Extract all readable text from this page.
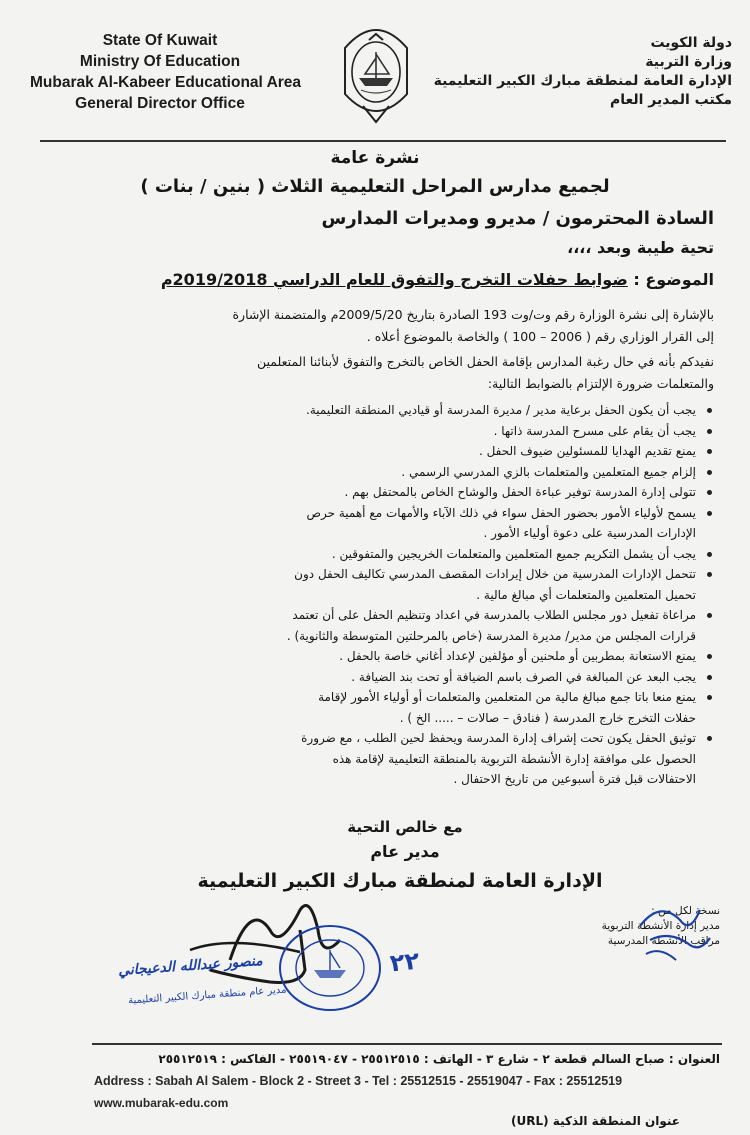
State Of Kuwait
Ministry Of Education
Mubarak Al-Kabeer Educational Area
General Director Office
دولة الكويت
وزارة التربية
الإدارة العامة لمنطقة مبارك الكبير التعليمية
مكتب المدير العام
نشرة عامة
لجميع مدارس المراحل التعليمية الثلاث ( بنين / بنات )
السادة المحترمون / مديرو ومديرات المدارس
تحية طيبة وبعد ،،،،
الموضوع : ضوابط حفلات التخرج والتفوق للعام الدراسي 2019/2018م
بالإشارة إلى نشرة الوزارة رقم وت/وت 193 الصادرة بتاريخ 2009/5/20م والمتضمنة الإشارة
إلى القرار الوزاري رقم ( 2006 – 100 ) والخاصة بالموضوع أعلاه .
نفيدكم بأنه في حال رغبة المدارس بإقامة الحفل الخاص بالتخرج والتفوق لأبنائنا المتعلمين
والمتعلمات ضرورة الإلتزام بالضوابط التالية:
يجب أن يكون الحفل برعاية مدير / مديرة المدرسة أو قياديي المنطقة التعليمية.
يجب أن يقام على مسرح المدرسة ذاتها .
يمنع تقديم الهدايا للمسئولين ضيوف الحفل .
إلزام جميع المتعلمين والمتعلمات بالزي المدرسي الرسمي .
تتولى إدارة المدرسة توفير عباءة الحفل والوشاح الخاص بالمحتفل بهم .
يسمح لأولياء الأمور بحضور الحفل سواء في ذلك الآباء والأمهات مع أهمية حرص
الإدارات المدرسية على دعوة أولياء الأمور .
يجب أن يشمل التكريم جميع المتعلمين والمتعلمات الخريجين والمتفوقين .
تتحمل الإدارات المدرسية من خلال إيرادات المقصف المدرسي تكاليف الحفل دون
تحميل المتعلمين والمتعلمات أي مبالغ مالية .
مراعاة تفعيل دور مجلس الطلاب بالمدرسة في اعداد وتنظيم الحفل على أن تعتمد
قرارات المجلس من مدير/ مديرة المدرسة (خاص بالمرحلتين المتوسطة والثانوية) .
يمنع الاستعانة بمطربين أو ملحنين أو مؤلفين لإعداد أغاني خاصة بالحفل .
يجب البعد عن المبالغة في الصرف باسم الضيافة أو تحت بند الضيافة .
يمنع منعا باتا جمع مبالغ مالية من المتعلمين والمتعلمات أو أولياء الأمور لإقامة
حفلات التخرج خارج المدرسة ( فنادق – صالات – ..... الخ ) .
توثيق الحفل يكون تحت إشراف إدارة المدرسة ويحفظ لحين الطلب ، مع ضرورة
الحصول على موافقة إدارة الأنشطة التربوية بالمنطقة التعليمية لإقامة هذه
الاحتفالات قبل فترة أسبوعين من تاريخ الاحتفال .
مع خالص التحية
مدير عام
الإدارة العامة لمنطقة مبارك الكبير التعليمية
نسخة لكل من :
مدير إدارة الأنشطة التربوية
مراقب الأنشطة المدرسية
منصور عبدالله الدعيجاني
مدير عام منطقة مبارك الكبير التعليمية
٢٢
العنوان : صباح السالم قطعة ٢ - شارع ٣ - الهاتف : ٢٥٥١٢٥١٥ - ٢٥٥١٩٠٤٧ - الفاكس : ٢٥٥١٢٥١٩
Address : Sabah Al Salem - Block 2 - Street 3 - Tel : 25512515 - 25519047 - Fax : 25512519
www.mubarak-edu.com
عنوان المنطقة الذكية (URL)
